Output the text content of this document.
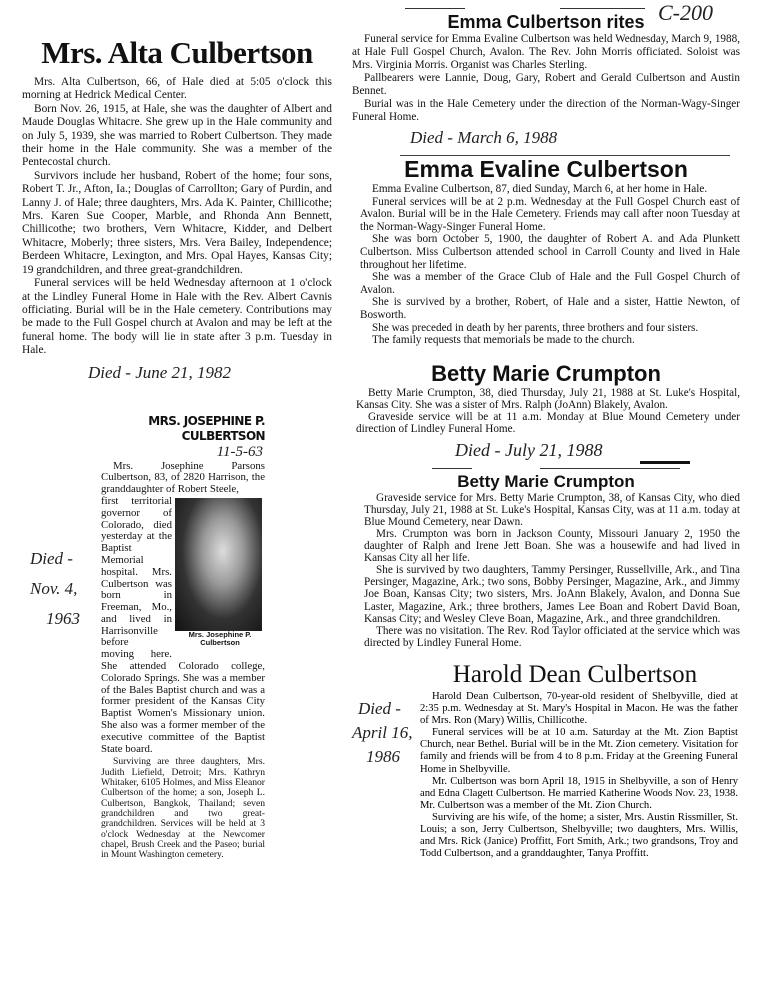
C-200
Mrs. Alta Culbertson

Mrs. Alta Culbertson, 66, of Hale died at 5:05 o'clock this morning at Hedrick Medical Center.

Born Nov. 26, 1915, at Hale, she was the daughter of Albert and Maude Douglas Whitacre. She grew up in the Hale community and on July 5, 1939, she was married to Robert Culbertson. They made their home in the Hale community. She was a member of the Pentecostal church.

Survivors include her husband, Robert of the home; four sons, Robert T. Jr., Afton, Ia.; Douglas of Carrollton; Gary of Purdin, and Lanny J. of Hale; three daughters, Mrs. Ada K. Painter, Chillicothe; Mrs. Karen Sue Cooper, Marble, and Rhonda Ann Bennett, Chillicothe; two brothers, Vern Whitacre, Kidder, and Delbert Whitacre, Moberly; three sisters, Mrs. Vera Bailey, Independence; Berdeen Whitacre, Lexington, and Mrs. Opal Hayes, Kansas City; 19 grandchildren, and three great-grandchildren.

Funeral services will be held Wednesday afternoon at 1 o'clock at the Lindley Funeral Home in Hale with the Rev. Albert Cavnis officiating. Burial will be in the Hale cemetery. Contributions may be made to the Full Gospel church at Avalon and may be left at the funeral home. The body will lie in state after 3 p.m. Tuesday in Hale.

Died - June 21, 1982
Died -
Nov. 4,
1963
MRS. JOSEPHINE P.
CULBERTSON
11-5-63

Mrs. Josephine Parsons Culbertson, 83, of 2820 Harrison, the granddaughter of Robert Steele,

Mrs. Josephine P. Culbertson

first territorial governor of Colorado, died yesterday at the Baptist Memorial hospital. Mrs. Culbertson was born in Freeman, Mo., and lived in Harrisonville before

moving here. She attended Colorado college, Colorado Springs. She was a member of the Bales Baptist church and was a former president of the Kansas City Baptist Women's Missionary union. She also was a former member of the executive committee of the Baptist State board.

Surviving are three daughters, Mrs. Judith Liefield, Detroit; Mrs. Kathryn Whitaker, 6105 Holmes, and Miss Eleanor Culbertson of the home; a son, Joseph L. Culbertson, Bangkok, Thailand; seven grandchildren and two great-grandchildren. Services will be held at 3 o'clock Wednesday at the Newcomer chapel, Brush Creek and the Paseo; burial in Mount Washington cemetery.

Emma Culbertson rites

Funeral service for Emma Evaline Culbertson was held Wednesday, March 9, 1988, at Hale Full Gospel Church, Avalon. The Rev. John Morris officiated. Soloist was Mrs. Virginia Morris. Organist was Charles Sterling.

Pallbearers were Lannie, Doug, Gary, Robert and Gerald Culbertson and Austin Bennet.

Burial was in the Hale Cemetery under the direction of the Norman-Wagy-Singer Funeral Home.

Died - March 6, 1988
Emma Evaline Culbertson

Emma Evaline Culbertson, 87, died Sunday, March 6, at her home in Hale.

Funeral services will be at 2 p.m. Wednesday at the Full Gospel Church east of Avalon. Burial will be in the Hale Cemetery. Friends may call after noon Tuesday at the Norman-Wagy-Singer Funeral Home.

She was born October 5, 1900, the daughter of Robert A. and Ada Plunkett Culbertson. Miss Culbertson attended school in Carroll County and lived in Hale throughout her lifetime.

She was a member of the Grace Club of Hale and the Full Gospel Church of Avalon.

She is survived by a brother, Robert, of Hale and a sister, Hattie Newton, of Bosworth.

She was preceded in death by her parents, three brothers and four sisters.

The family requests that memorials be made to the church.

Betty Marie Crumpton

Betty Marie Crumpton, 38, died Thursday, July 21, 1988 at St. Luke's Hospital, Kansas City. She was a sister of Mrs. Ralph (JoAnn) Blakely, Avalon.

Graveside service will be at 11 a.m. Monday at Blue Mound Cemetery under direction of Lindley Funeral Home.

Died - July 21, 1988
Betty Marie Crumpton

Graveside service for Mrs. Betty Marie Crumpton, 38, of Kansas City, who died Thursday, July 21, 1988 at St. Luke's Hospital, Kansas City, was at 11 a.m. today at Blue Mound Cemetery, near Dawn.

Mrs. Crumpton was born in Jackson County, Missouri January 2, 1950 the daughter of Ralph and Irene Jett Boan. She was a housewife and had lived in Kansas City all her life.

She is survived by two daughters, Tammy Persinger, Russellville, Ark., and Tina Persinger, Magazine, Ark.; two sons, Bobby Persinger, Magazine, Ark., and Jimmy Joe Boan, Kansas City; two sisters, Mrs. JoAnn Blakely, Avalon, and Donna Sue Laster, Magazine, Ark.; three brothers, James Lee Boan and Robert David Boan, Kansas City; and Wesley Cleve Boan, Magazine, Ark., and three grandchildren.

There was no visitation. The Rev. Rod Taylor officiated at the service which was directed by Lindley Funeral Home.

Harold Dean Culbertson
Died -
April 16,
1986

Harold Dean Culbertson, 70-year-old resident of Shelbyville, died at 2:35 p.m. Wednesday at St. Mary's Hospital in Macon. He was the father of Mrs. Ron (Mary) Willis, Chillicothe.

Funeral services will be at 10 a.m. Saturday at the Mt. Zion Baptist Church, near Bethel. Burial will be in the Mt. Zion cemetery. Visitation for family and friends will be from 4 to 8 p.m. Friday at the Greening Funeral Home in Shelbyville.

Mr. Culbertson was born April 18, 1915 in Shelbyville, a son of Henry and Edna Clagett Culbertson. He married Katherine Woods Nov. 23, 1938. Mr. Culbertson was a member of the Mt. Zion Church.

Surviving are his wife, of the home; a sister, Mrs. Austin Rissmiller, St. Louis; a son, Jerry Culbertson, Shelbyville; two daughters, Mrs. Willis, and Mrs. Rick (Janice) Proffitt, Fort Smith, Ark.; two grandsons, Troy and Todd Culbertson, and a granddaughter, Tanya Proffitt.
